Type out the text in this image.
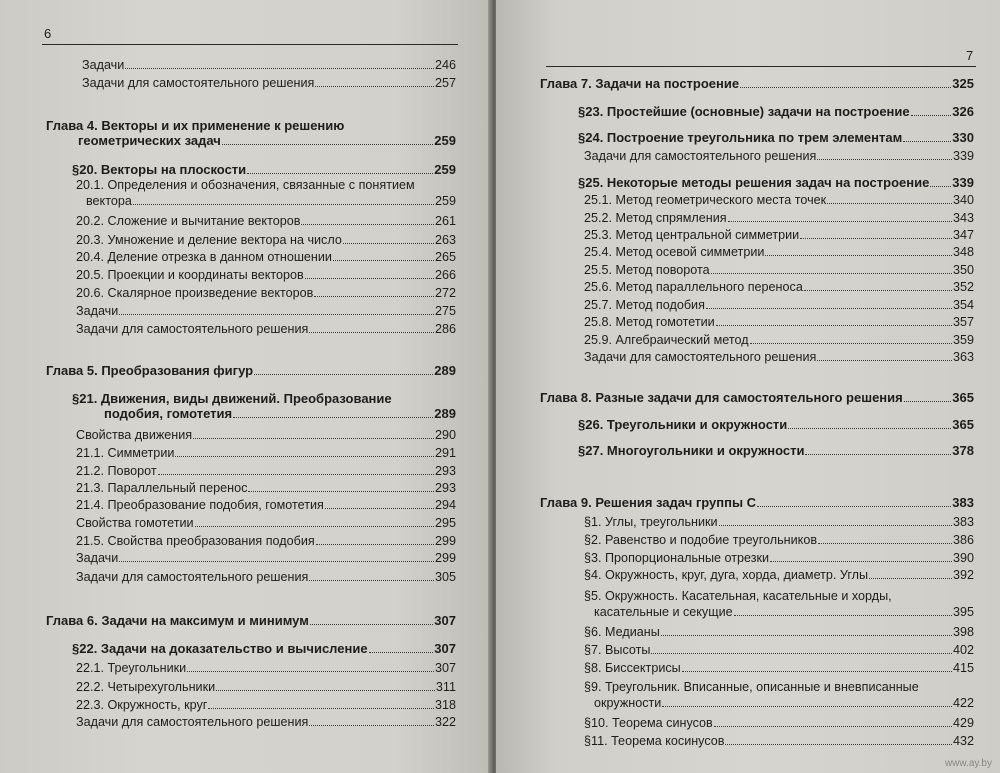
6
Задачи	246
Задачи для самостоятельного решения	257
Глава 4. Векторы и их применение к решению
геометрических задач	259
§20. Векторы на плоскости	259
20.1. Определения и обозначения, связанные с понятием
вектора	259
20.2. Сложение и вычитание векторов	261
20.3. Умножение и деление вектора на число	263
20.4. Деление отрезка в данном отношении	265
20.5. Проекции и координаты векторов	266
20.6. Скалярное произведение векторов	272
Задачи	275
Задачи для самостоятельного решения	286
Глава 5. Преобразования фигур	289
§21. Движения, виды движений. Преобразование
подобия, гомотетия	289
Свойства движения	290
21.1. Симметрии	291
21.2. Поворот	293
21.3. Параллельный перенос	293
21.4. Преобразование подобия, гомотетия	294
Свойства гомотетии	295
21.5. Свойства преобразования подобия	299
Задачи	299
Задачи для самостоятельного решения	305
Глава 6. Задачи на максимум и минимум	307
§22. Задачи на доказательство и вычисление	307
22.1. Треугольники	307
22.2. Четырехугольники	311
22.3. Окружность, круг	318
Задачи для самостоятельного решения	322
7
Глава 7. Задачи на построение	325
§23. Простейшие (основные) задачи на построение	326
§24. Построение треугольника по трем элементам	330
Задачи для самостоятельного решения	339
§25. Некоторые методы решения задач на построение 339
25.1. Метод геометрического места точек	340
25.2. Метод спрямления	343
25.3. Метод центральной симметрии	347
25.4. Метод осевой симметрии	348
25.5. Метод поворота	350
25.6. Метод параллельного переноса	352
25.7. Метод подобия	354
25.8. Метод гомотетии	357
25.9. Алгебраический метод	359
Задачи для самостоятельного решения	363
Глава 8. Разные задачи для самостоятельного решения	365
§26. Треугольники и окружности	365
§27. Многоугольники и окружности	378
Глава 9. Решения задач группы С	383
§1. Углы, треугольники	383
§2. Равенство и подобие треугольников	386
§3. Пропорциональные отрезки	390
§4. Окружность, круг, дуга, хорда, диаметр. Углы	392
§5. Окружность. Касательная, касательные и хорды,
касательные и секущие	395
§6. Медианы	398
§7. Высоты	402
§8. Биссектрисы	415
§9. Треугольник. Вписанные, описанные и вневписанные
окружности	422
§10. Теорема синусов	429
§11. Теорема косинусов	432
www.ay.by
